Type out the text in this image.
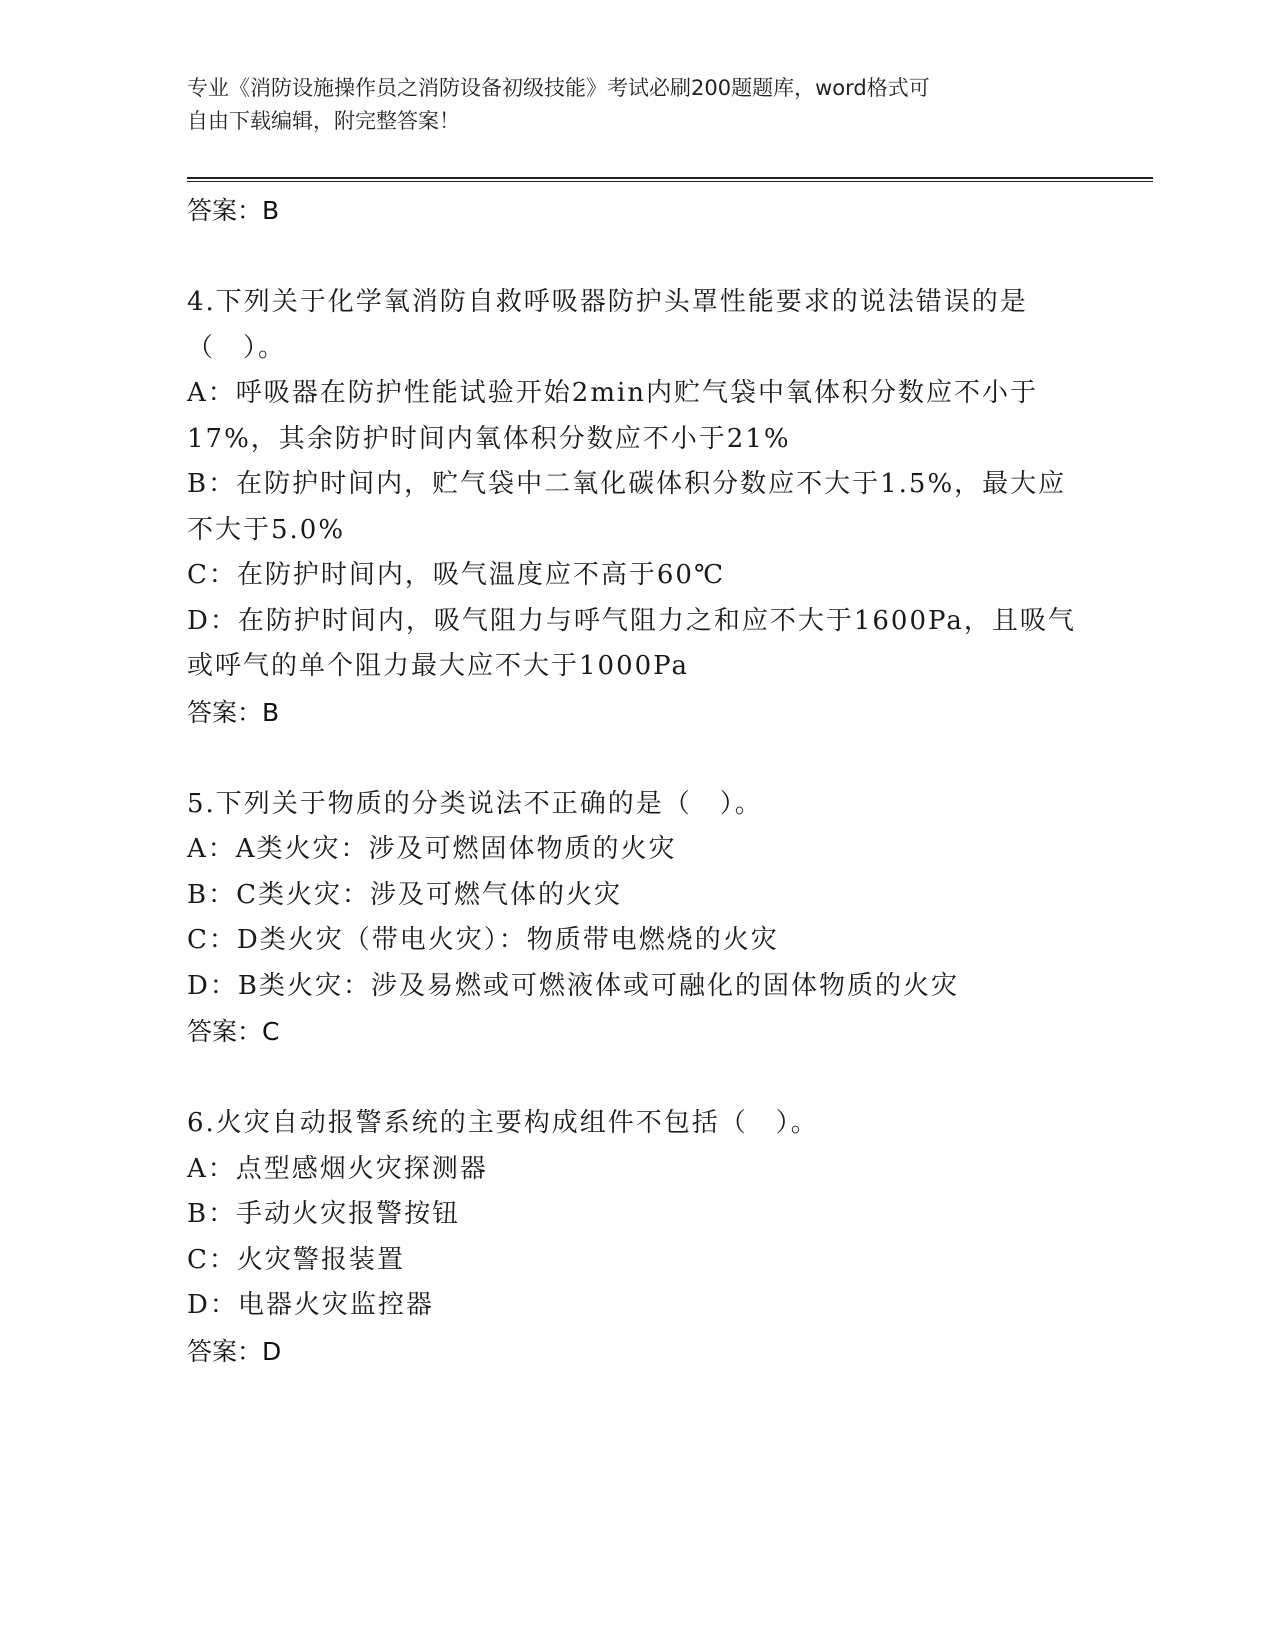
专业《消防设施操作员之消防设备初级技能》考试必刷200题题库，word格式可
自由下载编辑，附完整答案！
答案：B
4.下列关于化学氧消防自救呼吸器防护头罩性能要求的说法错误的是
（　）。
A：呼吸器在防护性能试验开始2min内贮气袋中氧体积分数应不小于
17%，其余防护时间内氧体积分数应不小于21%
B：在防护时间内，贮气袋中二氧化碳体积分数应不大于1.5%，最大应
不大于5.0%
C：在防护时间内，吸气温度应不高于60℃
D：在防护时间内，吸气阻力与呼气阻力之和应不大于1600Pa，且吸气
或呼气的单个阻力最大应不大于1000Pa
答案：B
5.下列关于物质的分类说法不正确的是（　）。
A：A类火灾：涉及可燃固体物质的火灾
B：C类火灾：涉及可燃气体的火灾
C：D类火灾（带电火灾）：物质带电燃烧的火灾
D：B类火灾：涉及易燃或可燃液体或可融化的固体物质的火灾
答案：C
6.火灾自动报警系统的主要构成组件不包括（　）。
A：点型感烟火灾探测器
B：手动火灾报警按钮
C：火灾警报装置
D：电器火灾监控器
答案：D
